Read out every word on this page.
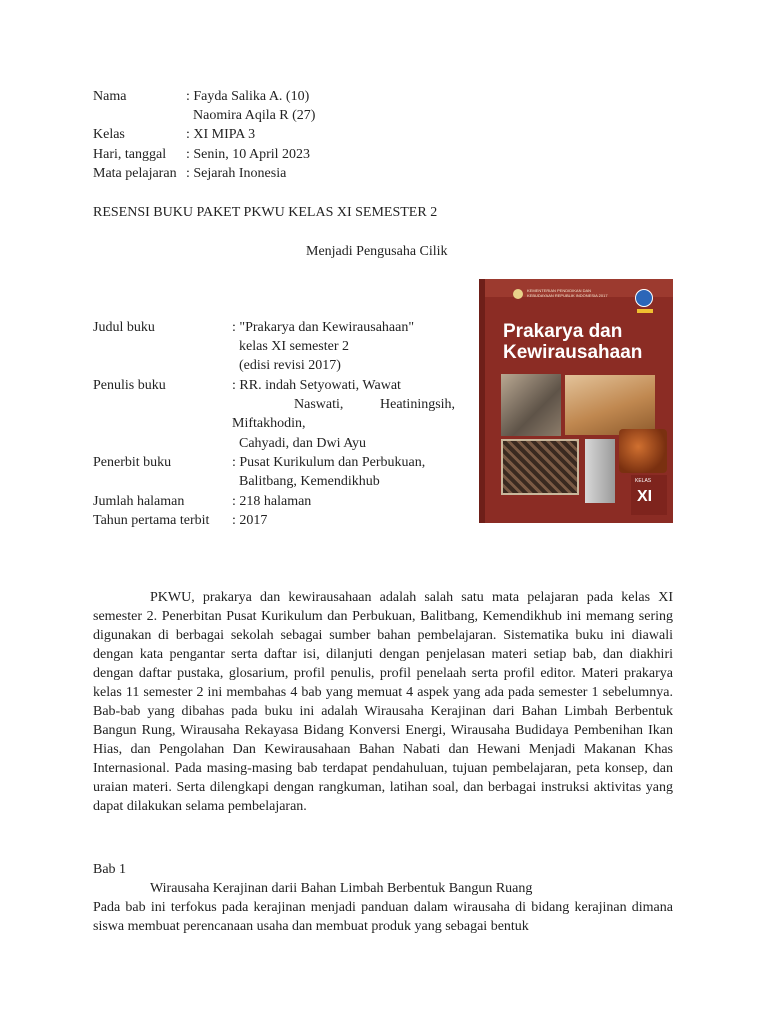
Nama	: Fayda Salika A. (10)
Naomira Aqila R (27)
Kelas	: XI MIPA 3
Hari, tanggal : Senin, 10 April 2023
Mata pelajaran : Sejarah Inonesia
RESENSI BUKU PAKET PKWU KELAS XI SEMESTER 2
Menjadi Pengusaha Cilik
Judul buku	: "Prakarya dan Kewirausahaan"
kelas XI semester 2
(edisi revisi 2017)
Penulis buku	: RR. indah Setyowati, Wawat
Naswati,	Heatiningsih,
Miftakhodin,
Cahyadi, dan Dwi Ayu
Penerbit buku	: Pusat Kurikulum dan Perbukuan,
Balitbang, Kemendikhub
Jumlah halaman	: 218 halaman
Tahun pertama terbit : 2017
KEMENTERIAN PENDIDIKAN DAN KEBUDAYAAN REPUBLIK INDONESIA 2017
Prakarya dan
Kewirausahaan
KELAS
XI
PKWU, prakarya dan kewirausahaan adalah salah satu mata pelajaran pada kelas XI semester 2. Penerbitan Pusat Kurikulum dan Perbukuan, Balitbang, Kemendikhub ini memang sering digunakan di berbagai sekolah sebagai sumber bahan pembelajaran. Sistematika buku ini diawali dengan kata pengantar serta daftar isi, dilanjuti dengan penjelasan materi setiap bab, dan diakhiri dengan daftar pustaka, glosarium, profil penulis, profil penelaah serta profil editor. Materi prakarya kelas 11 semester 2 ini membahas 4 bab yang memuat 4 aspek yang ada pada semester 1 sebelumnya. Bab-bab yang dibahas pada buku ini adalah Wirausaha Kerajinan dari Bahan Limbah Berbentuk Bangun Rung, Wirausaha Rekayasa Bidang Konversi Energi, Wirausaha Budidaya Pembenihan Ikan Hias, dan Pengolahan Dan Kewirausahaan Bahan Nabati dan Hewani Menjadi Makanan Khas Internasional. Pada masing-masing bab terdapat pendahuluan, tujuan pembelajaran, peta konsep, dan uraian materi. Serta dilengkapi dengan rangkuman, latihan soal, dan berbagai instruksi aktivitas yang dapat dilakukan selama pembelajaran.
Bab 1
Wirausaha Kerajinan darii Bahan Limbah Berbentuk Bangun Ruang
Pada bab ini terfokus pada kerajinan menjadi panduan dalam wirausaha di bidang kerajinan dimana siswa membuat perencanaan usaha dan membuat produk yang sebagai bentuk
